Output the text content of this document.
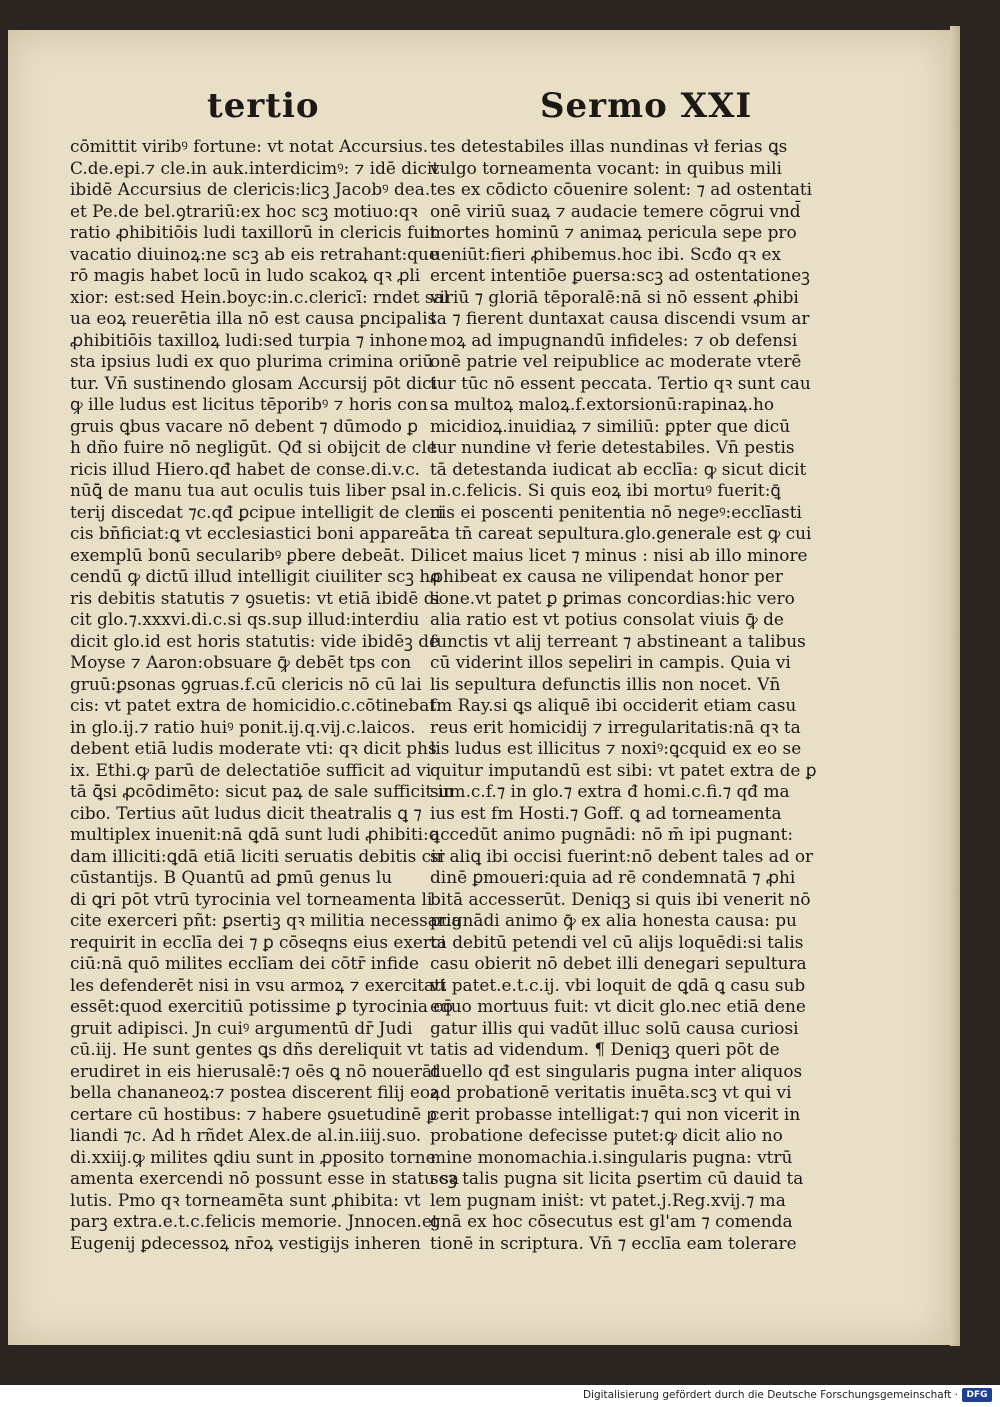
tertio	Sermo XXI
cōmittit viribꝰ fortune: vt notat Accursius.
C.de.epi.⁊ cle.in auk.interdicimꝰ: ⁊ idē dicit
ibidē Accursius de clericis:licꝫ Jacobꝰ dea.
et Pe.de bel.ꝯtrariū:ex hoc scꝫ motiuo:qꝛ
ratio ꝓhibitiōis ludi taxillorū in clericis fuit
vacatio diuinoꝝ:ne scꝫ ab eis retrahant:que
rō magis habet locū in ludo scakoꝝ qꝛ ꝓli
xior: est:sed Hein.boyc:in.c.clericī: rndet sal
ua eoꝝ reuerētia illa nō est causa ꝑncipalis
ꝓhibitiōis taxilloꝝ ludi:sed turpia ⁊ inhone
sta ipsius ludi ex quo plurima crimina oriū
tur. Vn̄ sustinendo glosam Accursij pōt dici
ꝙ ille ludus est licitus tēporibꝰ ⁊ horis con
gruis ꝗbus vacare nō debent ⁊ dūmodo ꝑ
h dño fuire nō negligūt. Qđ si obijcit de cle
ricis illud Hiero.qđ habet de conse.di.v.c.
nūꝗ̄ de manu tua aut oculis tuis liber psal
terij discedat ⁊c.qđ ꝑcipue intelligit de cleri
cis bn̄ficiat:ꝗ vt ecclesiastici boni appareāt
exemplū bonū secularibꝰ ꝑbere debeāt. Di
cendū ꝙ dictū illud intelligit ciuiliter scꝫ ho
ris debitis statutis ⁊ ꝯsuetis: vt etiā ibidē di
cit glo.⁊.xxxvi.di.c.si qs.sup illud:interdiu
dicit glo.id est horis statutis: vide ibidēꝫ de
Moyse ⁊ Aaron:obsuare ꝙ̄ debēt tps con
gruū:ꝑsonas ꝯgruas.f.cū clericis nō cū lai
cis: vt patet extra de homicidio.c.cōtinebat.
in glo.ij.⁊ ratio huiꝰ ponit.ij.q.vij.c.laicos.
debent etiā ludis moderate vti: qꝛ dicit phs
ix. Ethi.ꝙ parū de delectatiōe sufficit ad vi
tā ꝗ̄si ꝓcōdimēto: sicut paꝝ de sale sufficit in
cibo. Tertius aūt ludus dicit theatralis ꝗ ⁊
multiplex inuenit:nā ꝗdā sunt ludi ꝓhibiti:ꝗ
dam illiciti:ꝗdā etiā liciti seruatis debitis cir
cūstantijs. B Quantū ad ꝑmū genus lu
di ꝗri pōt vtrū tyrocinia vel torneamenta li
cite exerceri pñt: ꝑsertiꝫ qꝛ militia necessaria
requirit in ecclīa dei ⁊ ꝑ cōseqns eius exerci
ciū:nā quō milites ecclīam dei cōtr̄ infide
les defenderēt nisi in vsu armoꝝ ⁊ exercitati
essēt:quod exercitiū potissime ꝑ tyrocinia cō
gruit adipisci. Jn cuiꝰ argumentū dr̄ Judi
cū.iij. He sunt gentes ꝗs dñs dereliquit vt
erudiret in eis hierusalē:⁊ oēs ꝗ nō nouerāt
bella chananeoꝝ:⁊ postea discerent filij eoꝝ
certare cū hostibus: ⁊ habere ꝯsuetudinē ꝑ
liandi ⁊c. Ad h rñdet Alex.de al.in.iiij.suo.
di.xxiij.ꝙ milites ꝗdiu sunt in ꝓposito torne
amenta exercendi nō possunt esse in statu sa
lutis. Pmo qꝛ torneamēta sunt ꝓhibita: vt
parꝫ extra.e.t.c.felicis memorie. Jnnocen.et
Eugenij ꝑdecessoꝝ nr̄oꝝ vestigijs inheren
tes detestabiles illas nundinas vł ferias ꝗs
vulgo torneamenta vocant: in quibus mili
tes ex cōdicto cōuenire solent: ⁊ ad ostentati
onē viriū suaꝝ ⁊ audacie temere cōgrui vnd̄
mortes hominū ⁊ animaꝝ pericula sepe pro
ueniūt:fieri ꝓhibemus.hoc ibi. Scđo qꝛ ex
ercent intentiōe ꝑuersa:scꝫ ad ostentationeꝫ
viriū ⁊ gloriā tēporalē:nā si nō essent ꝓhibi
ta ⁊ fierent duntaxat causa discendi vsum ar
moꝝ ad impugnandū infideles: ⁊ ob defensi
onē patrie vel reipublice ac moderate vterē
tur tūc nō essent peccata. Tertio qꝛ sunt cau
sa multoꝝ maloꝝ.f.extorsionū:rapinaꝝ.ho
micidioꝝ.inuidiaꝝ ⁊ similiū: ꝑpter que dicū
tur nundine vł ferie detestabiles. Vn̄ pestis
tā detestanda iudicat ab ecclīa: ꝙ sicut dicit
in.c.felicis. Si quis eoꝝ ibi mortuꝰ fuerit:ꝗ̄
uis ei poscenti penitentia nō negeꝰ:ecclīasti
ca tn̄ careat sepultura.glo.generale est ꝙ cui
licet maius licet ⁊ minus : nisi ab illo minore
ꝓhibeat ex causa ne vilipendat honor per
sone.vt patet ꝑ ꝑrimas concordias:hic vero
alia ratio est vt potius consolat viuis ꝙ̄ de
functis vt alij terreant ⁊ abstineant a talibus
cū viderint illos sepeliri in campis. Quia vi
lis sepultura defunctis illis non nocet. Vn̄
fm Ray.si ꝗs aliquē ibi occiderit etiam casu
reus erit homicidij ⁊ irregularitatis:nā qꝛ ta
lis ludus est illicitus ⁊ noxiꝰ:ꝗcquid ex eo se
quitur imputandū est sibi: vt patet extra de ꝑ
sum.c.f.⁊ in glo.⁊ extra đ homi.c.fi.⁊ qđ ma
ius est fm Hosti.⁊ Goff. ꝗ ad torneamenta
accedūt animo pugnādi: nō m̄ ipi pugnant:
si aliꝗ ibi occisi fuerint:nō debent tales ad or
dinē ꝑmoueri:quia ad rē condemnatā ⁊ ꝓhi
bitā accesserūt. Deniqꝫ si quis ibi venerit nō
pugnādi animo ꝙ̄ ex alia honesta causa: pu
ta debitū petendi vel cū alijs loquēdi:si talis
casu obierit nō debet illi denegari sepultura
vt patet.e.t.c.ij. vbi loquit de ꝗdā ꝗ casu sub
equo mortuus fuit: vt dicit glo.nec etiā dene
gatur illis qui vadūt illuc solū causa curiosi
tatis ad videndum. ¶ Deniqꝫ queri pōt de
duello qđ est singularis pugna inter aliquos
ad probationē veritatis inuēta.scꝫ vt qui vi
cerit probasse intelligat:⁊ qui non vicerit in
probatione defecisse putet:ꝙ dicit alio no
mine monomachia.i.singularis pugna: vtrū
scꝫ talis pugna sit licita ꝑsertim cū dauid ta
lem pugnam iniṡt: vt patet.j.Reg.xvij.⁊ ma
gnā ex hoc cōsecutus est gl'am ⁊ comenda
tionē in scriptura. Vn̄ ⁊ ecclīa eam tolerare
Digitalisierung gefördert durch die Deutsche Forschungsgemeinschaft · DFG
